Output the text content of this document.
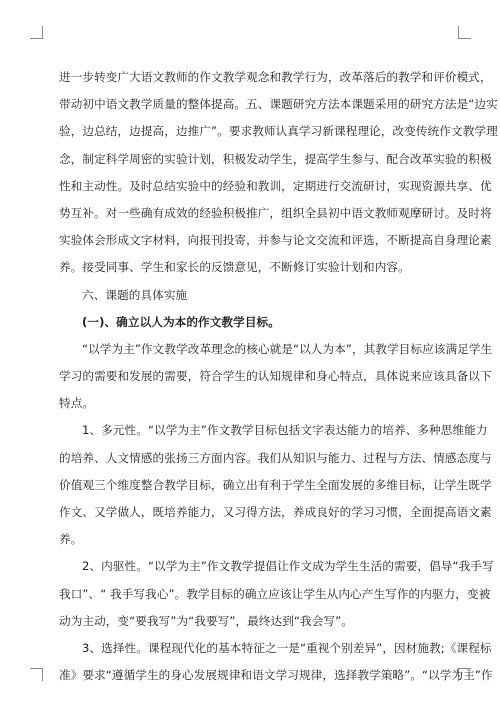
进一步转变广大语文教师的作文教学观念和教学行为，改革落后的教学和评价模式，
带动初中语文教学质量的整体提高。五、课题研究方法本课题采用的研究方法是“边实
验，边总结，边提高，边推广”。要求教师认真学习新课程理论，改变传统作文教学理
念，制定科学周密的实验计划，积极发动学生，提高学生参与、配合改革实验的积极
性和主动性。及时总结实验中的经验和教训，定期进行交流研讨，实现资源共享、优
势互补。对一些确有成效的经验积极推广，组织全县初中语文教师观摩研讨。及时将
实验体会形成文字材料，向报刊投寄，并参与论文交流和评选，不断提高自身理论素
养。接受同事、学生和家长的反馈意见，不断修订实验计划和内容。
六、课题的具体实施
(一)、确立以人为本的作文教学目标。
“以学为主”作文教学改革理念的核心就是“以人为本”，其教学目标应该满足学生
学习的需要和发展的需要，符合学生的认知规律和身心特点，具体说来应该具备以下
特点。
1、多元性。“以学为主”作文教学目标包括文字表达能力的培养、多种思维能力
的培养、人文情感的张扬三方面内容。我们从知识与能力、过程与方法、情感态度与
价值观三个维度整合教学目标，确立出有利于学生全面发展的多维目标，让学生既学
作文、又学做人，既培养能力，又习得方法，养成良好的学习习惯，全面提高语文素
养。
2、内驱性。“以学为主”作文教学提倡让作文成为学生生活的需要，倡导“我手写
我口”、“ 我手写我心”。教学目标的确立应该让学生从内心产生写作的内驱力，变被
动为主动，变“要我写”为“我要写”，最终达到“我会写”。
3、选择性。课程现代化的基本特征之一是“重视个别差异”，因材施教;《课程标
准》要求“遵循学生的身心发展规律和语文学习规律，选择教学策略”。“以学为主”作
